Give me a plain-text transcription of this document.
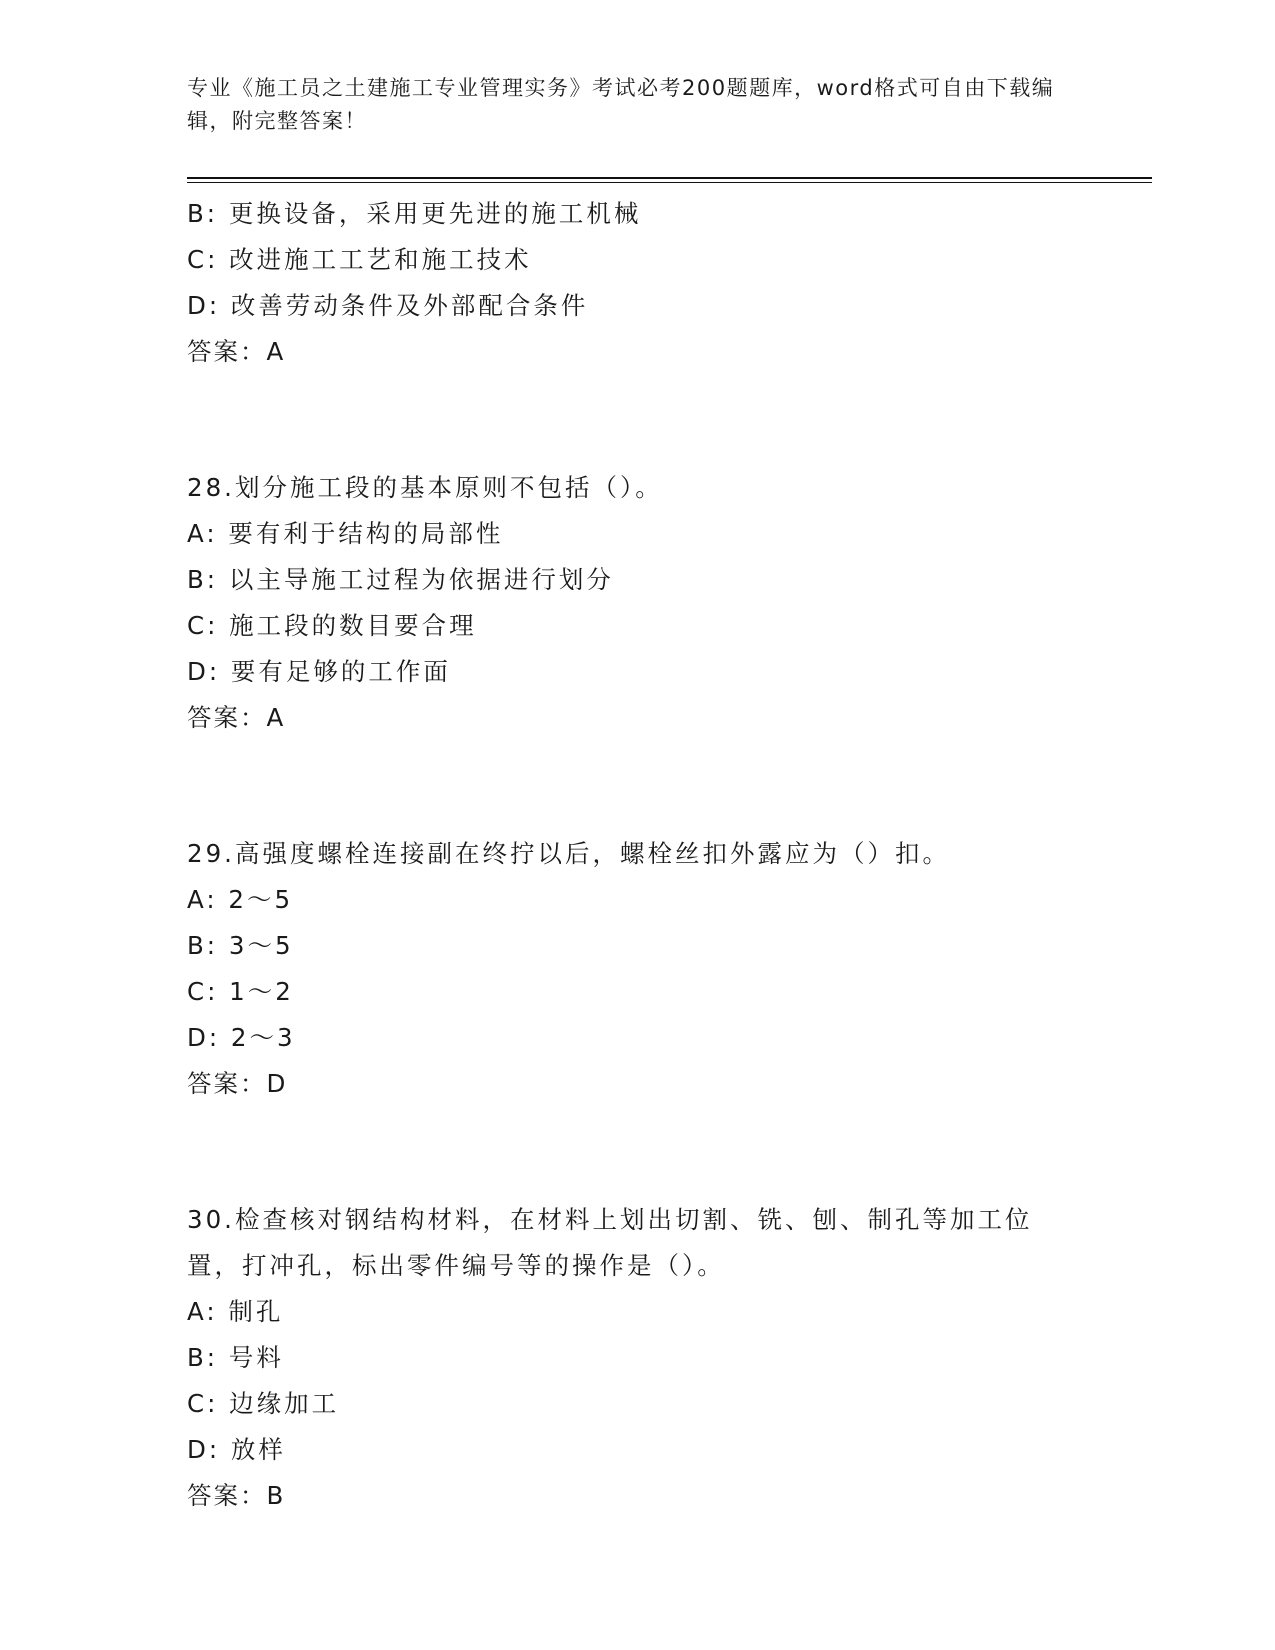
专业《施工员之土建施工专业管理实务》考试必考200题题库，word格式可自由下载编辑，附完整答案！
B: 更换设备，采用更先进的施工机械
C: 改进施工工艺和施工技术
D: 改善劳动条件及外部配合条件
答案：A
28.划分施工段的基本原则不包括（）。
A: 要有利于结构的局部性
B: 以主导施工过程为依据进行划分
C: 施工段的数目要合理
D: 要有足够的工作面
答案：A
29.高强度螺栓连接副在终拧以后，螺栓丝扣外露应为（）扣。
A: 2～5
B: 3～5
C: 1～2
D: 2～3
答案：D
30.检查核对钢结构材料，在材料上划出切割、铣、刨、制孔等加工位置，打冲孔，标出零件编号等的操作是（）。
A: 制孔
B: 号料
C: 边缘加工
D: 放样
答案：B
